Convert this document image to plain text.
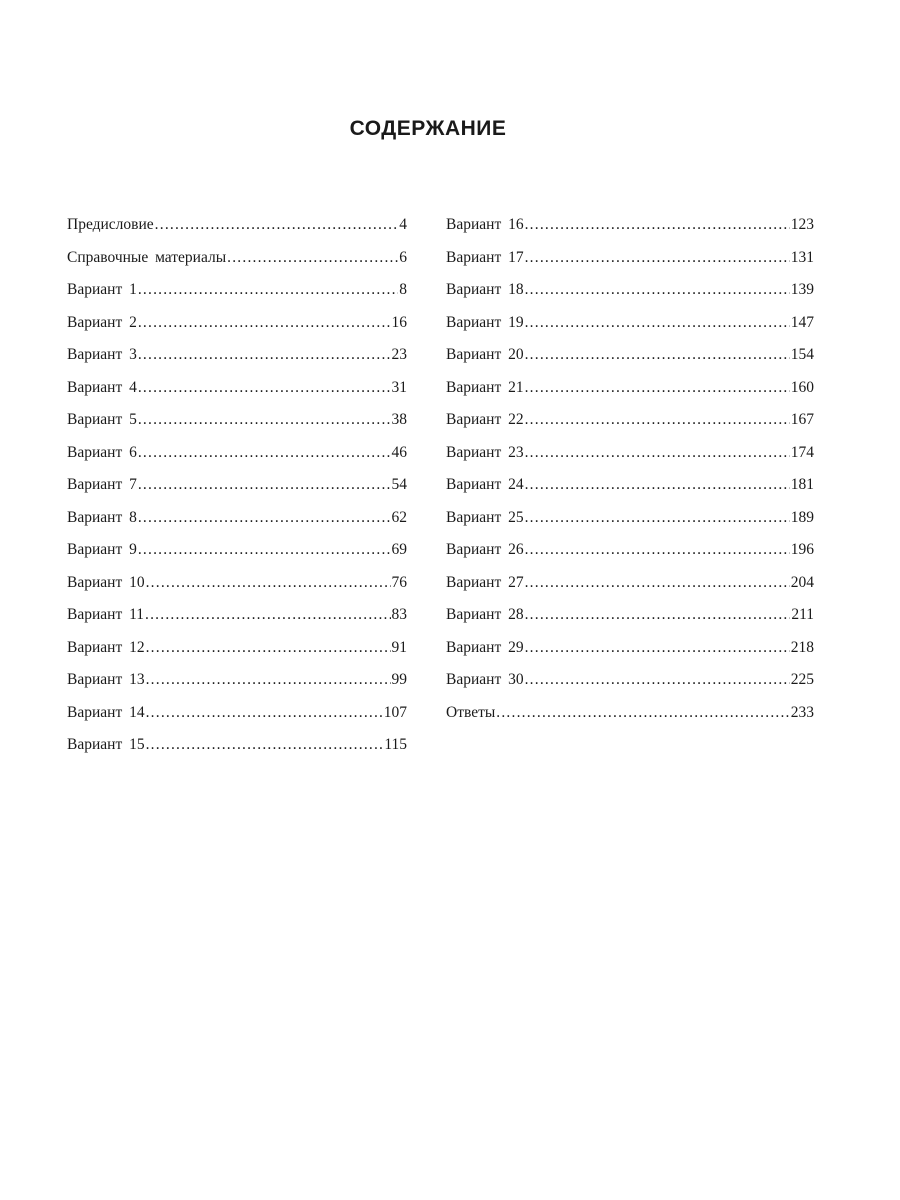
СОДЕРЖАНИЕ
Предисловие .....	4
Справочные материалы .....	6
Вариант 1 .....	8
Вариант 2 .....	16
Вариант 3 .....	23
Вариант 4 .....	31
Вариант 5 .....	38
Вариант 6 .....	46
Вариант 7 .....	54
Вариант 8 .....	62
Вариант 9 .....	69
Вариант 10 .....	76
Вариант 11 .....	83
Вариант 12 .....	91
Вариант 13 .....	99
Вариант 14 .....	107
Вариант 15 .....	115
Вариант 16 .....	123
Вариант 17 .....	131
Вариант 18 .....	139
Вариант 19 .....	147
Вариант 20 .....	154
Вариант 21 .....	160
Вариант 22 .....	167
Вариант 23 .....	174
Вариант 24 .....	181
Вариант 25 .....	189
Вариант 26 .....	196
Вариант 27 .....	204
Вариант 28 .....	211
Вариант 29 .....	218
Вариант 30 .....	225
Ответы .....	233
